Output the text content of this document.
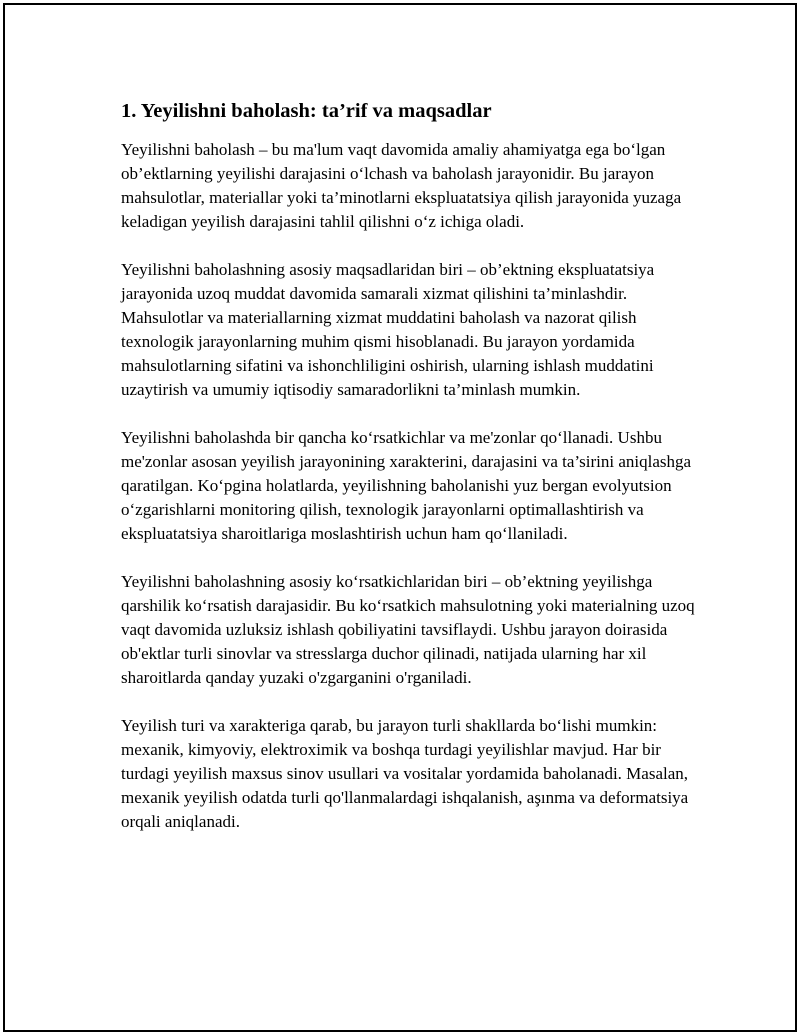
1. Yeyilishni baholash: ta’rif va maqsadlar

Yeyilishni baholash – bu ma'lum vaqt davomida amaliy ahamiyatga ega bo‘lgan ob’ektlarning yeyilishi darajasini o‘lchash va baholash jarayonidir. Bu jarayon mahsulotlar, materiallar yoki ta’minotlarni ekspluatatsiya qilish jarayonida yuzaga keladigan yeyilish darajasini tahlil qilishni o‘z ichiga oladi.

Yeyilishni baholashning asosiy maqsadlaridan biri – ob’ektning ekspluatatsiya jarayonida uzoq muddat davomida samarali xizmat qilishini ta’minlashdir. Mahsulotlar va materiallarning xizmat muddatini baholash va nazorat qilish texnologik jarayonlarning muhim qismi hisoblanadi. Bu jarayon yordamida mahsulotlarning sifatini va ishonchliligini oshirish, ularning ishlash muddatini uzaytirish va umumiy iqtisodiy samaradorlikni ta’minlash mumkin.

Yeyilishni baholashda bir qancha ko‘rsatkichlar va me'zonlar qo‘llanadi. Ushbu me'zonlar asosan yeyilish jarayonining xarakterini, darajasini va ta’sirini aniqlashga qaratilgan. Ko‘pgina holatlarda, yeyilishning baholanishi yuz bergan evolyutsion o‘zgarishlarni monitoring qilish, texnologik jarayonlarni optimallashtirish va ekspluatatsiya sharoitlariga moslashtirish uchun ham qo‘llaniladi.

Yeyilishni baholashning asosiy ko‘rsatkichlaridan biri – ob’ektning yeyilishga qarshilik ko‘rsatish darajasidir. Bu ko‘rsatkich mahsulotning yoki materialning uzoq vaqt davomida uzluksiz ishlash qobiliyatini tavsiflaydi. Ushbu jarayon doirasida ob'ektlar turli sinovlar va stresslarga duchor qilinadi, natijada ularning har xil sharoitlarda qanday yuzaki o'zgarganini o'rganiladi.

Yeyilish turi va xarakteriga qarab, bu jarayon turli shakllarda bo‘lishi mumkin: mexanik, kimyoviy, elektroximik va boshqa turdagi yeyilishlar mavjud. Har bir turdagi yeyilish maxsus sinov usullari va vositalar yordamida baholanadi. Masalan, mexanik yeyilish odatda turli qo'llanmalardagi ishqalanish, aşınma va deformatsiya orqali aniqlanadi.
